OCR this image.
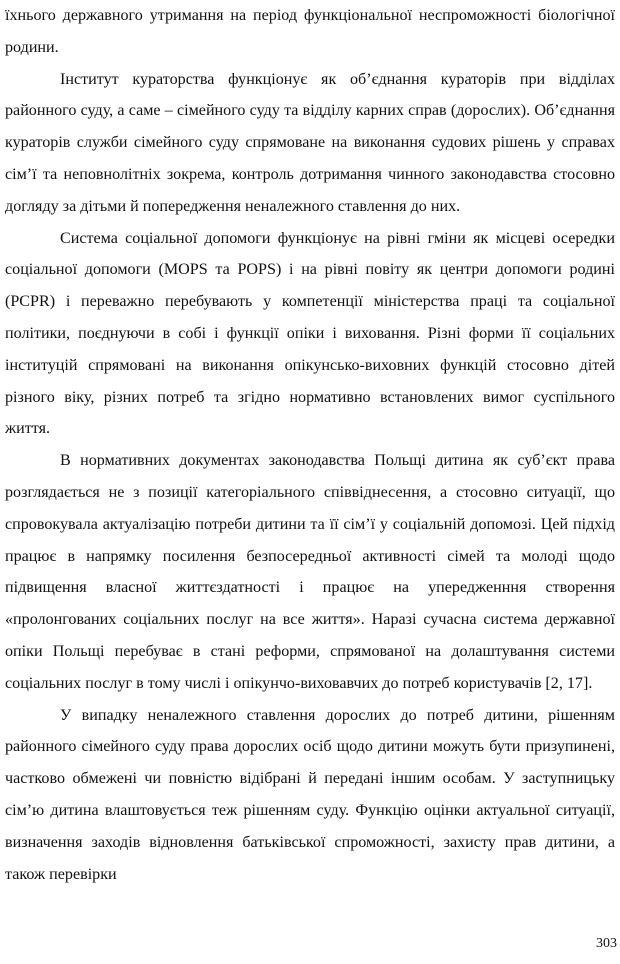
їхнього державного утримання на період функціональної неспроможності біологічної родини.

Інститут кураторства функціонує як об’єднання кураторів при відділах районного суду, а саме – сімейного суду та відділу карних справ (дорослих). Об’єднання кураторів служби сімейного суду спрямоване на виконання судових рішень у справах сім’ї та неповнолітніх зокрема, контроль дотримання чинного законодавства стосовно догляду за дітьми й попередження неналежного ставлення до них.

Система соціальної допомоги функціонує на рівні гміни як місцеві осередки соціальної допомоги (MOPS та POPS) і на рівні повіту як центри допомоги родині (PCPR) і переважно перебувають у компетенції міністерства праці та соціальної політики, поєднуючи в собі і функції опіки і виховання. Різні форми її соціальних інституцій спрямовані на виконання опікунсько-виховних функцій стосовно дітей різного віку, різних потреб та згідно нормативно встановлених вимог суспільного життя.

В нормативних документах законодавства Польщі дитина як суб’єкт права розглядається не з позиції категоріального співвіднесення, а стосовно ситуації, що спровокувала актуалізацію потреби дитини та її сім’ї у соціальній допомозі. Цей підхід працює в напрямку посилення безпосередньої активності сімей та молоді щодо підвищення власної життєздатності і працює на упередженння створення «пролонгованих соціальних послуг на все життя». Наразі сучасна система державної опіки Польщі перебуває в стані реформи, спрямованої на долаштування системи соціальних послуг в тому числі і опікунчо-виховавчих до потреб користувачів [2, 17].

У випадку неналежного ставлення дорослих до потреб дитини, рішенням районного сімейного суду права дорослих осіб щодо дитини можуть бути призупинені, частково обмежені чи повністю відібрані й передані іншим особам. У заступницьку сім’ю дитина влаштовується теж рішенням суду. Функцію оцінки актуальної ситуації, визначення заходів відновлення батьківської спроможності, захисту прав дитини, а також перевірки

303
